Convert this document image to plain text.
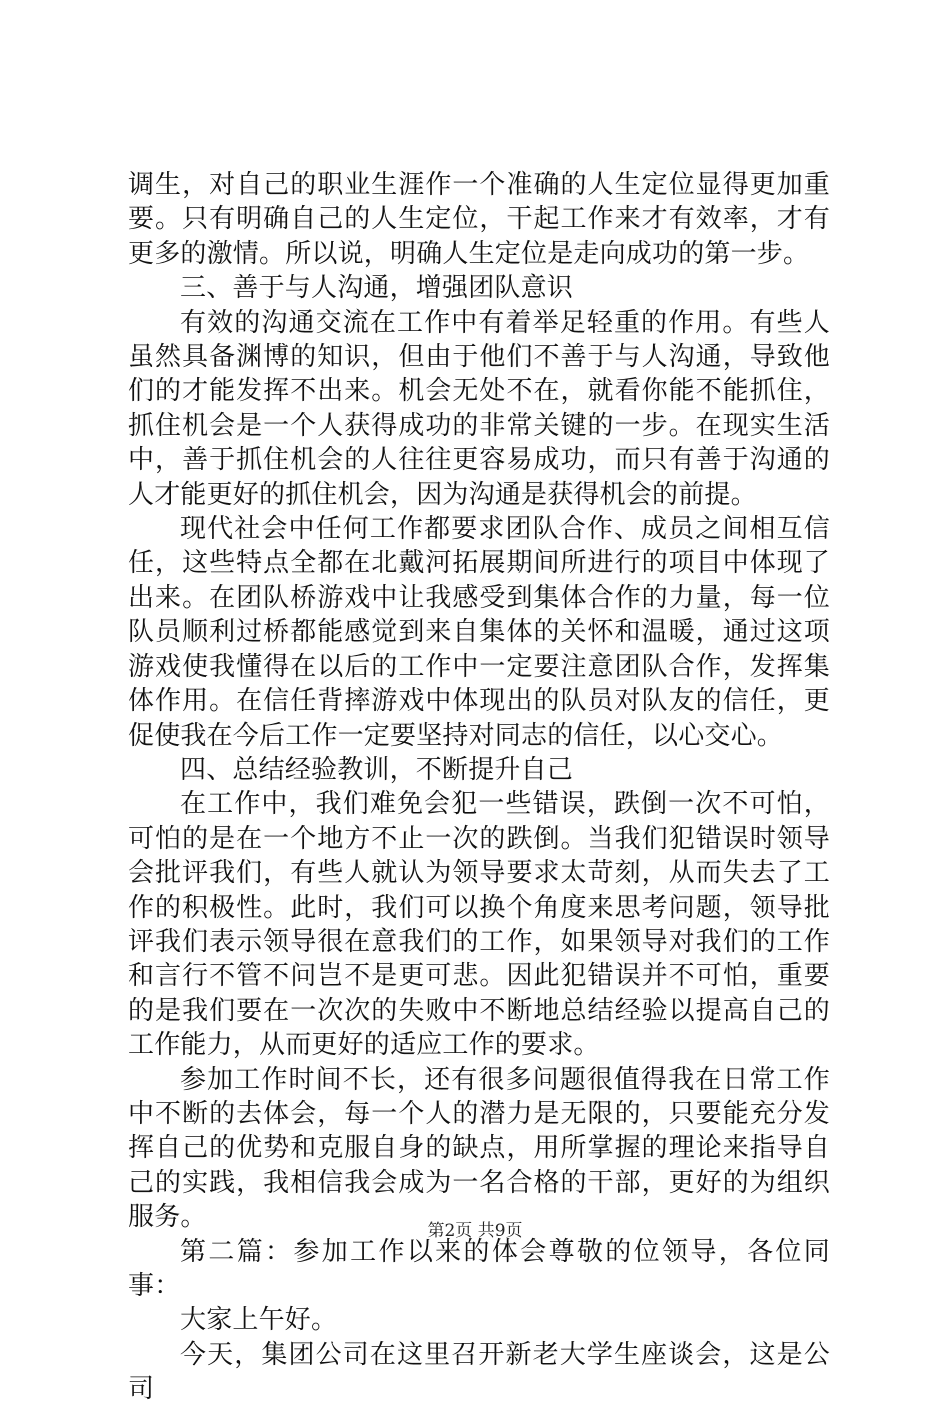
调生，对自己的职业生涯作一个准确的人生定位显得更加重要。只有明确自己的人生定位，干起工作来才有效率，才有更多的激情。所以说，明确人生定位是走向成功的第一步。

三、善于与人沟通，增强团队意识

有效的沟通交流在工作中有着举足轻重的作用。有些人虽然具备渊博的知识，但由于他们不善于与人沟通，导致他们的才能发挥不出来。机会无处不在，就看你能不能抓住，抓住机会是一个人获得成功的非常关键的一步。在现实生活中，善于抓住机会的人往往更容易成功，而只有善于沟通的人才能更好的抓住机会，因为沟通是获得机会的前提。

现代社会中任何工作都要求团队合作、成员之间相互信任，这些特点全都在北戴河拓展期间所进行的项目中体现了出来。在团队桥游戏中让我感受到集体合作的力量，每一位队员顺利过桥都能感觉到来自集体的关怀和温暖，通过这项游戏使我懂得在以后的工作中一定要注意团队合作，发挥集体作用。在信任背摔游戏中体现出的队员对队友的信任，更促使我在今后工作一定要坚持对同志的信任，以心交心。

四、总结经验教训，不断提升自己

在工作中，我们难免会犯一些错误，跌倒一次不可怕，可怕的是在一个地方不止一次的跌倒。当我们犯错误时领导会批评我们，有些人就认为领导要求太苛刻，从而失去了工作的积极性。此时，我们可以换个角度来思考问题，领导批评我们表示领导很在意我们的工作，如果领导对我们的工作和言行不管不问岂不是更可悲。因此犯错误并不可怕，重要的是我们要在一次次的失败中不断地总结经验以提高自己的工作能力，从而更好的适应工作的要求。

参加工作时间不长，还有很多问题很值得我在日常工作中不断的去体会，每一个人的潜力是无限的，只要能充分发挥自己的优势和克服自身的缺点，用所掌握的理论来指导自己的实践，我相信我会成为一名合格的干部，更好的为组织服务。

第二篇：参加工作以来的体会尊敬的位领导，各位同事：

大家上午好。

今天，集团公司在这里召开新老大学生座谈会，这是公司

第2页 共9页
